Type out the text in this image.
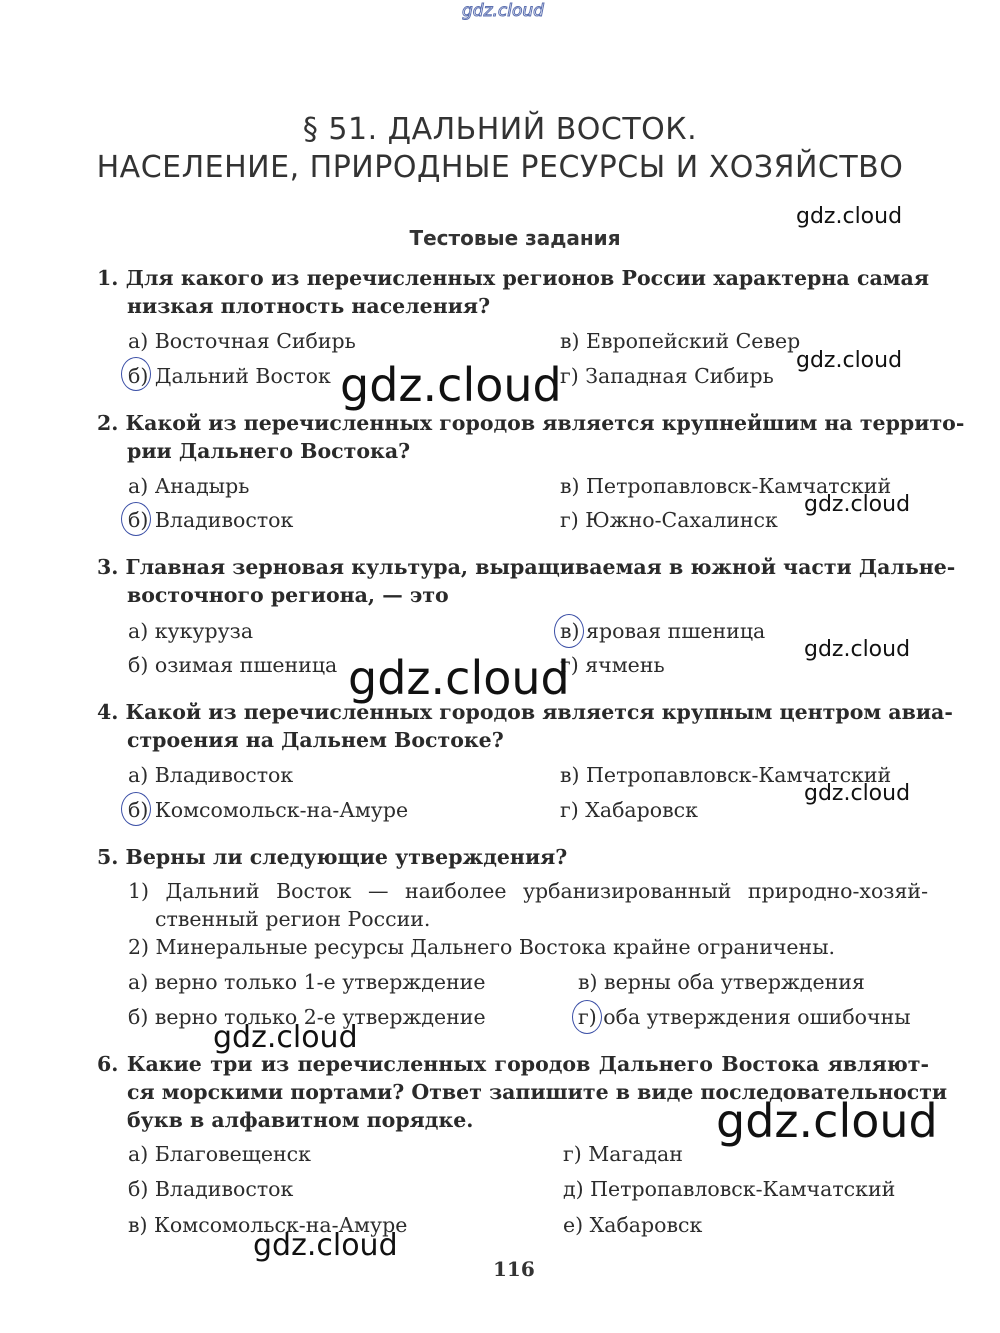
gdz.cloud
§ 51. ДАЛЬНИЙ ВОСТОК.
НАСЕЛЕНИЕ, ПРИРОДНЫЕ РЕСУРСЫ И ХОЗЯЙСТВО
Тестовые задания
1. Для какого из перечисленных регионов России характерна самая
низкая плотность населения?
а) Восточная Сибирь
б) Дальний Восток
в) Европейский Север
г) Западная Сибирь
2. Какой из перечисленных городов является крупнейшим на террито-
рии Дальнего Востока?
а) Анадырь
б) Владивосток
в) Петропавловск-Камчатский
г) Южно-Сахалинск
3. Главная зерновая культура, выращиваемая в южной части Дальне-
восточного региона, — это
а) кукуруза
б) озимая пшеница
в) яровая пшеница
г) ячмень
4. Какой из перечисленных городов является крупным центром авиа-
строения на Дальнем Востоке?
а) Владивосток
б) Комсомольск-на-Амуре
в) Петропавловск-Камчатский
г) Хабаровск
5. Верны ли следующие утверждения?
1) Дальний Восток — наиболее урбанизированный природно-хозяй-
ственный регион России.
2) Минеральные ресурсы Дальнего Востока крайне ограничены.
а) верно только 1-е утверждение
б) верно только 2-е утверждение
в) верны оба утверждения
г) оба утверждения ошибочны
6. Какие три из перечисленных городов Дальнего Востока являют-
ся морскими портами? Ответ запишите в виде последовательности
букв в алфавитном порядке.
а) Благовещенск
б) Владивосток
в) Комсомольск-на-Амуре
г) Магадан
д) Петропавловск-Камчатский
е) Хабаровск
116
gdz.cloud
gdz.cloud
gdz.cloud
gdz.cloud
gdz.cloud
gdz.cloud
gdz.cloud
gdz.cloud
gdz.cloud
gdz.cloud
